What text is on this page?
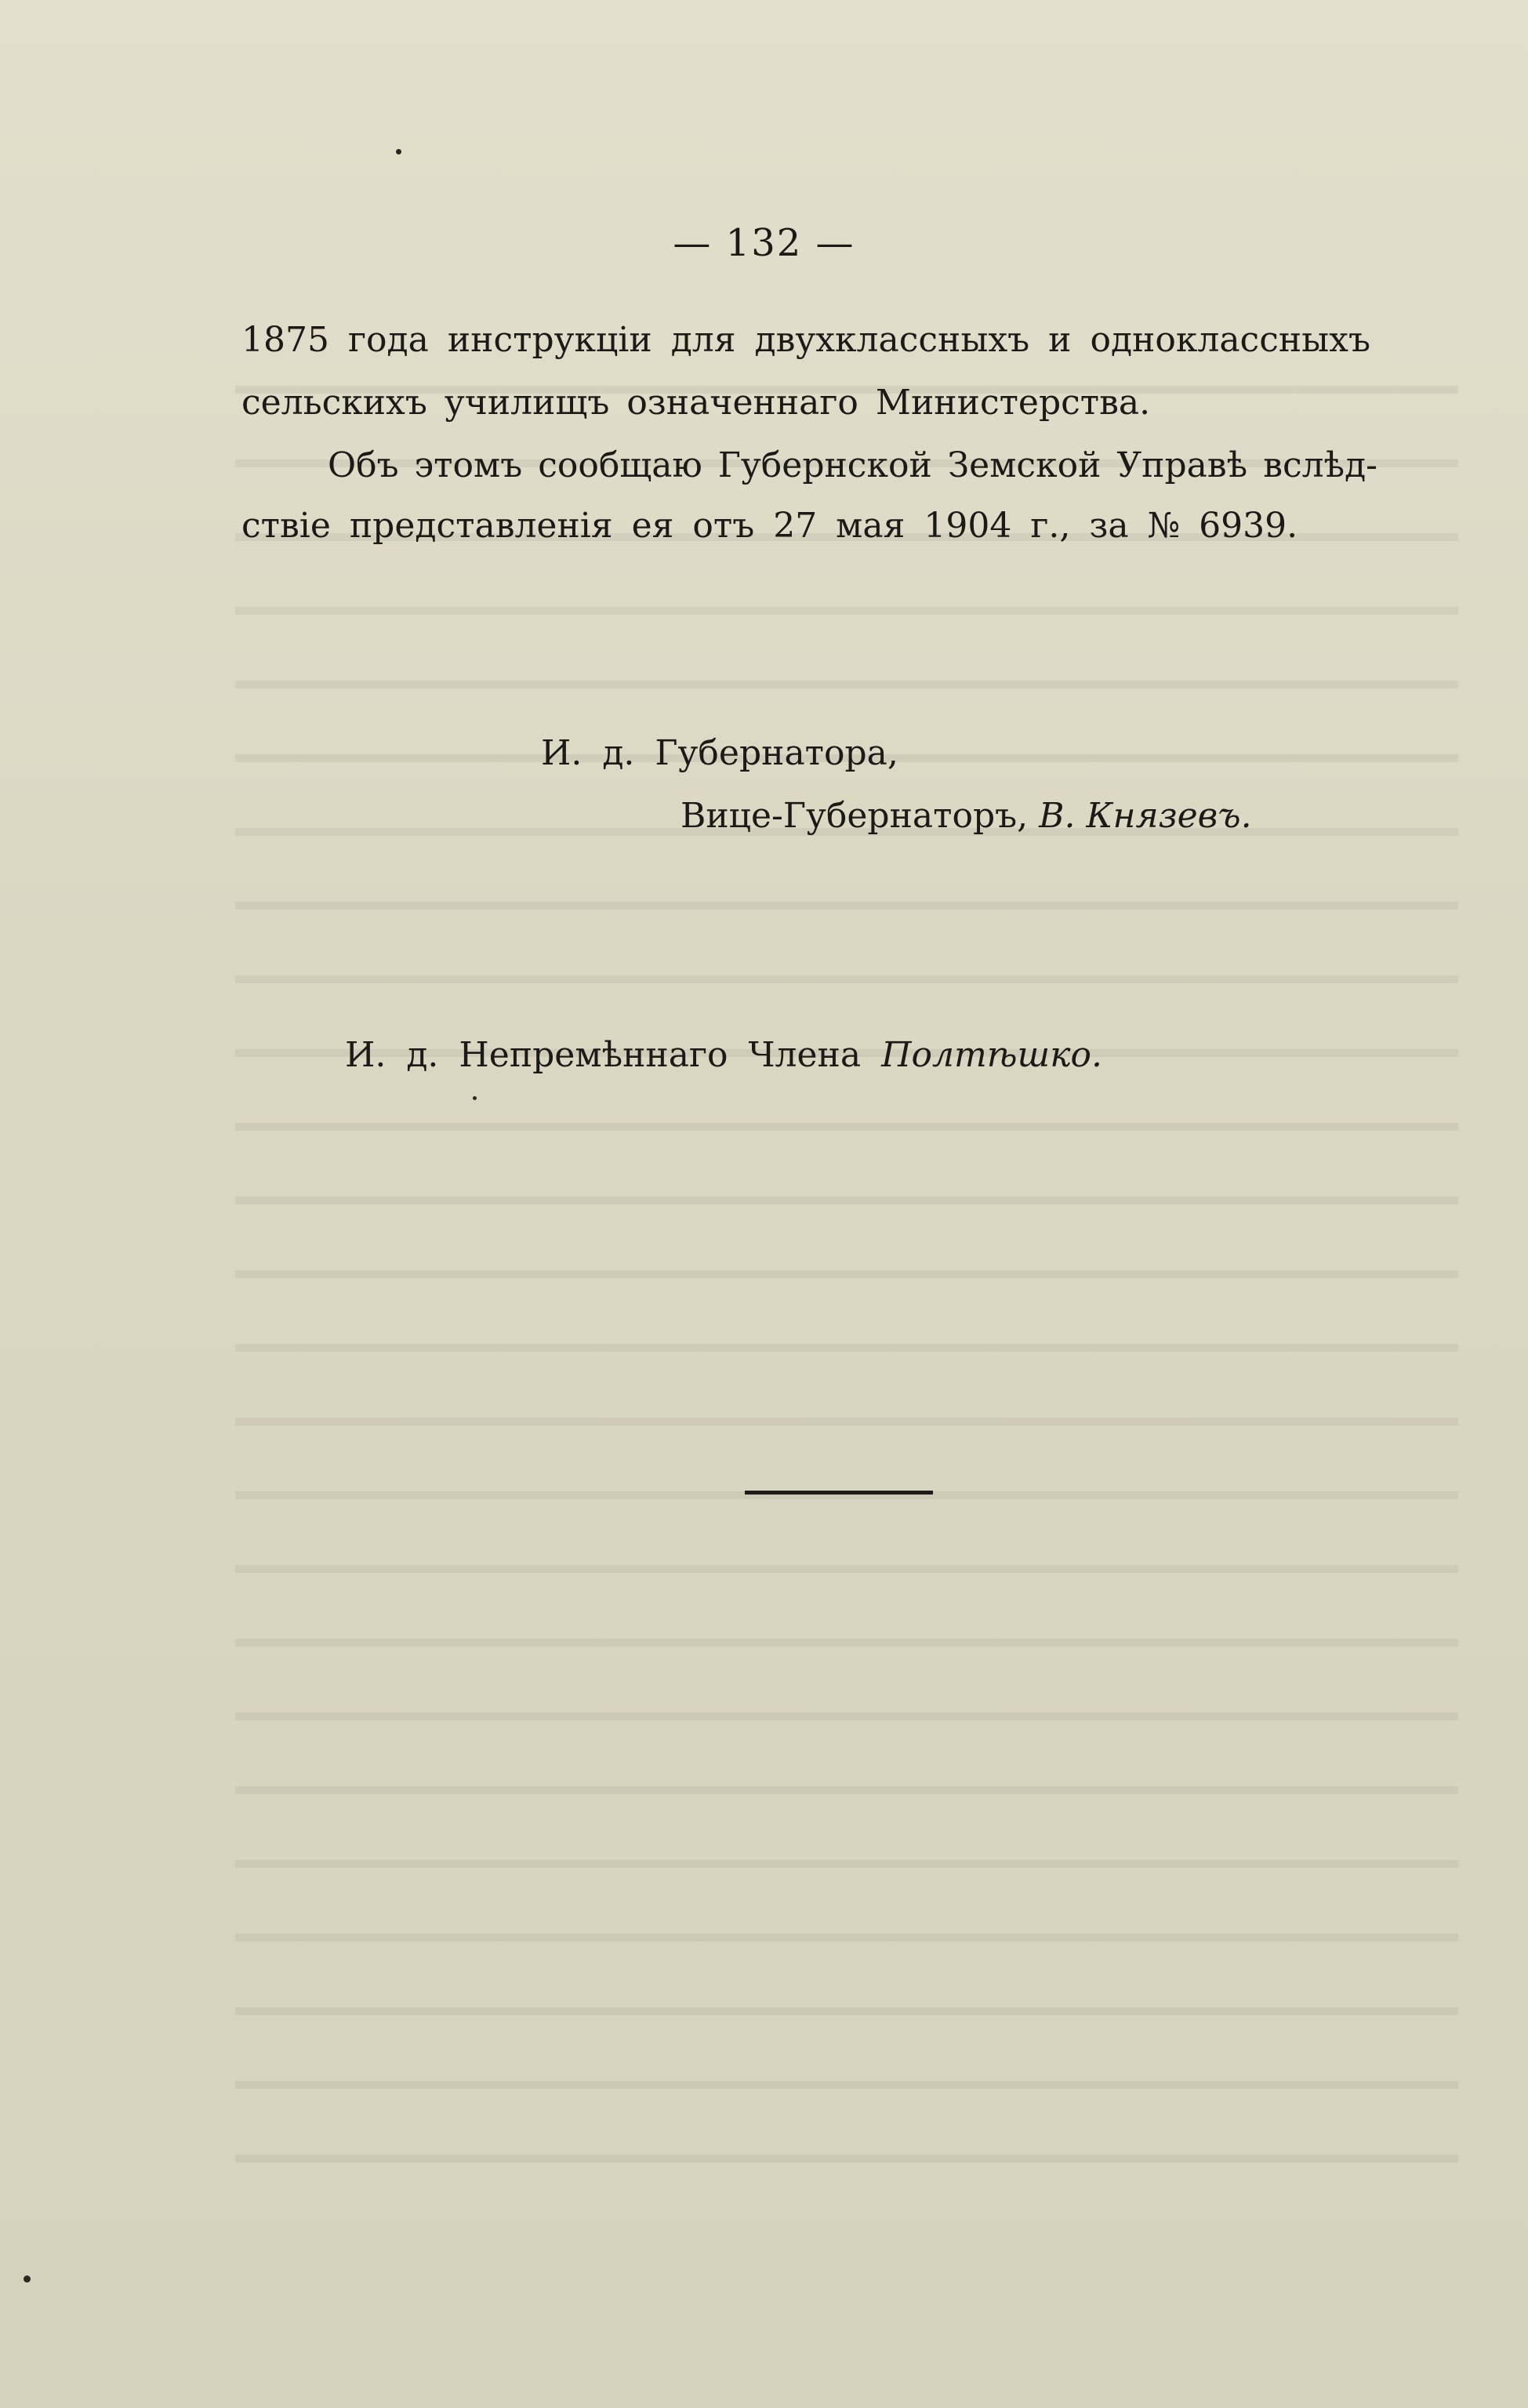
— 132 —
1875 года инструкціи для двухклассныхъ и одноклассныхъ
сельскихъ училищъ означеннаго Министерства.
Объ этомъ сообщаю Губернской Земской Управѣ вслѣд-
ствіе представленія ея отъ 27 мая 1904 г., за № 6939.
И. д. Губернатора,
Вице-Губернаторъ, В. Князевъ.
И. д. Непремѣннаго Члена Полтѣшко.
